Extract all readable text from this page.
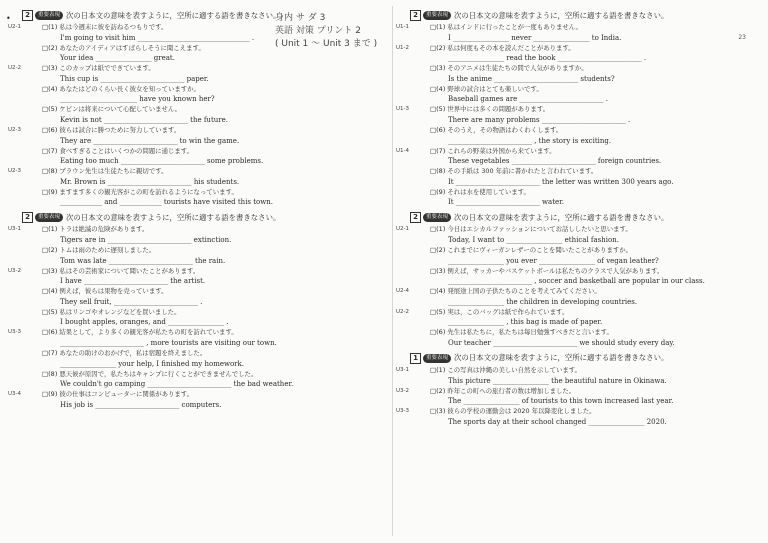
•	身内 サ ダ 3
英語 対策 プリント 2
( Unit 1 〜 Unit 3 まで )
23
2	重要表現 次の日本文の意味を表すように，空所に適する語を書きなさい。
U2-1	□(1) 私は今週末に彼を訪ねるつもりです。
I'm going to visit him ________________________________ .
□(2) あなたのアイディアはすばらしそうに聞こえます。
Your idea ________________ great.
U2-2	□(3) このカップは紙でできています。
This cup is ________________________ paper.
□(4) あなたはどのくらい長く彼女を知っていますか。
______________________ have you known her?
□(5) ケビンは将来について心配していません。
Kevin is not ________________________ the future.
U2-3	□(6) 彼らは試合に勝つために努力しています。
They are ________________________ to win the game.
□(7) 食べすぎることはいくつかの問題に通じます。
Eating too much ________________________ some problems.
U2-3	□(8) ブラウン先生は生徒たちに親切です。
Mr. Brown is ________________________ his students.
□(9) ますます多くの観光客がこの町を訪れるようになっています。
____________ and ____________ tourists have visited this town.
2	重要表現 次の日本文の意味を表すように，空所に適する語を書きなさい。
U3-1	□(1) トラは絶滅の危険があります。
Tigers are in ________________________ extinction.
□(2) トムは雨のために遅刻しました。
Tom was late ________________________ the rain.
U3-2	□(3) 私はその芸術家について聞いたことがあります。
I have ________________________ the artist.
□(4) 例えば，彼らは果物を売っています。
They sell fruit, ________________________ .
□(5) 私はリンゴやオレンジなどを買いました。
I bought apples, oranges, and ________________ .
U3-3	□(6) 結果として，より多くの観光客が私たちの町を訪れています。
________________________ , more tourists are visiting our town.
□(7) あなたの助けのおかげで，私は宿題を終えました。
________________ your help, I finished my homework.
□(8) 悪天候が原因で，私たちはキャンプに行くことができませんでした。
We couldn't go camping ________________________ the bad weather.
U3-4	□(9) 彼の仕事はコンピューターに関係があります。
His job is ________________________ computers.
2	重要表現 次の日本文の意味を表すように，空所に適する語を書きなさい。
U1-1	□(1) 私はインドに行ったことが一度もありません。
I ________________ never ________________ to India.
U1-2	□(2) 私は何度もその本を読んだことがあります。
________________ read the book ________________________ .
□(3) そのアニメは生徒たちの間で人気がありますか。
Is the anime ________________________ students?
□(4) 野球の試合はとても楽しいです。
Baseball games are ________________________ .
U1-3	□(5) 世界中には多くの問題があります。
There are many problems ________________________ .
□(6) そのうえ，その物語はわくわくします。
________________________ , the story is exciting.
U1-4	□(7) これらの野菜は外国から来ています。
These vegetables ________________________ foreign countries.
□(8) その手紙は 300 年前に書かれたと言われています。
It ________________________ the letter was written 300 years ago.
□(9) それは水を使用しています。
It ________________________ water.
2	重要表現 次の日本文の意味を表すように，空所に適する語を書きなさい。
U2-1	□(1) 今日はエシカルファッションについてお話ししたいと思います。
Today, I want to ________________ ethical fashion.
□(2) これまでにヴィーガンレザーのことを聞いたことがありますか。
________________ you ever ________________ of vegan leather?
□(3) 例えば，サッカーやバスケットボールは私たちのクラスで人気があります。
________________________ , soccer and basketball are popular in our class.
U2-4	□(4) 発展途上国の子供たちのことを考えてみてください。
________________ the children in developing countries.
U2-2	□(5) 実は，このバッグは紙で作られています。
________________ , this bag is made of paper.
□(6) 先生は私たちに，私たちは毎日勉強すべきだと言います。
Our teacher ________________________ we should study every day.
1	重要表現 次の日本文の意味を表すように，空所に適する語を書きなさい。
U3-1	□(1) この写真は沖縄の美しい自然を示しています。
This picture ________________ the beautiful nature in Okinawa.
U3-2	□(2) 昨年この町への旅行者の数は増加しました。
The ________________ of tourists to this town increased last year.
U3-3	□(3) 彼らの学校の運動会は 2020 年以降変化しました。
The sports day at their school changed ________________ 2020.
